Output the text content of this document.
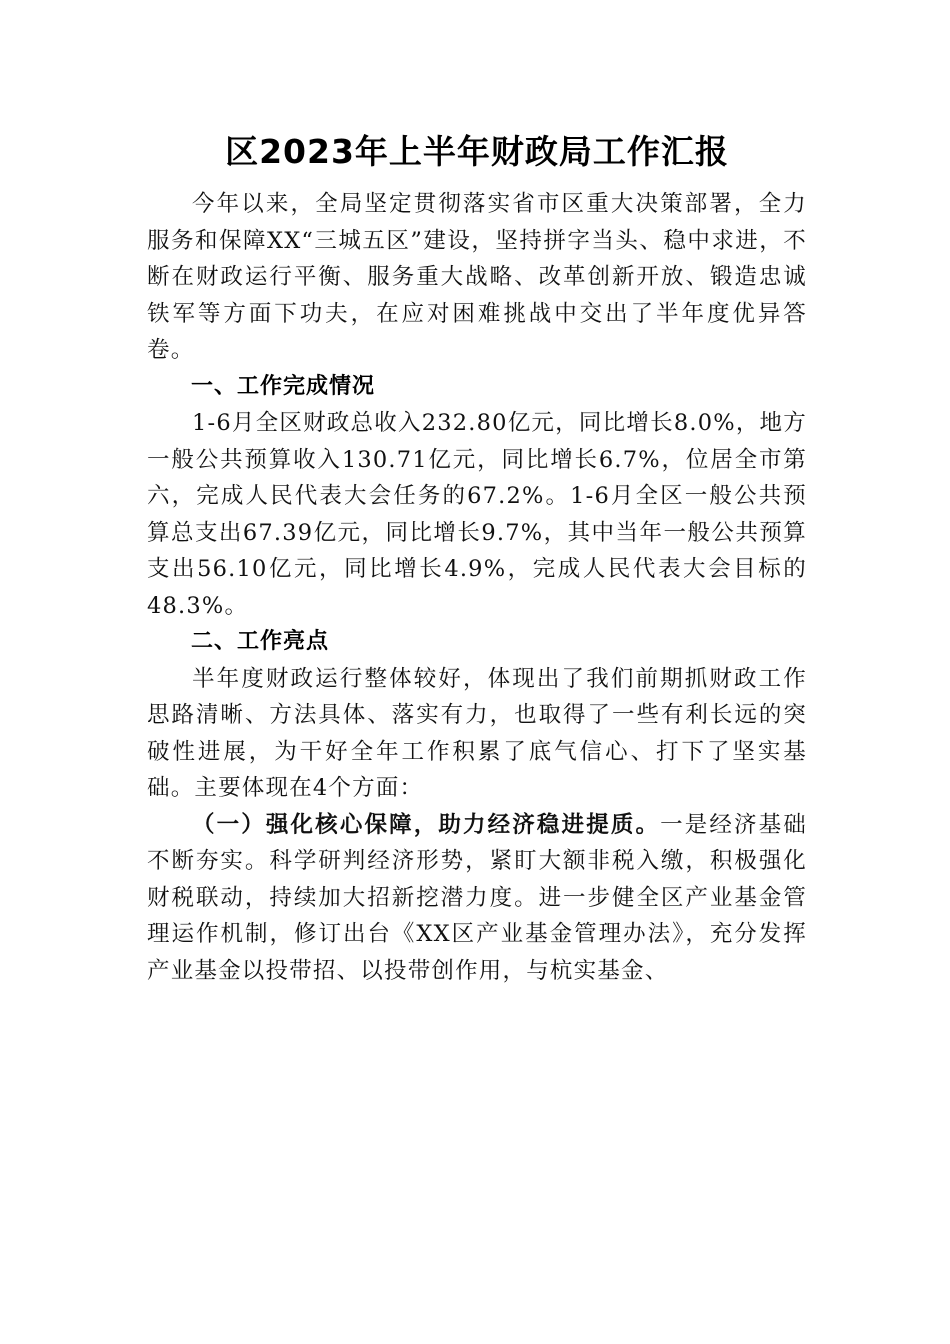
区2023年上半年财政局工作汇报

今年以来，全局坚定贯彻落实省市区重大决策部署，全力服务和保障XX“三城五区”建设，坚持拼字当头、稳中求进，不断在财政运行平衡、服务重大战略、改革创新开放、锻造忠诚铁军等方面下功夫，在应对困难挑战中交出了半年度优异答卷。

一、工作完成情况

1-6月全区财政总收入232.80亿元，同比增长8.0%，地方一般公共预算收入130.71亿元，同比增长6.7%，位居全市第六，完成人民代表大会任务的67.2%。1-6月全区一般公共预算总支出67.39亿元，同比增长9.7%，其中当年一般公共预算支出56.10亿元，同比增长4.9%，完成人民代表大会目标的48.3%。

二、工作亮点

半年度财政运行整体较好，体现出了我们前期抓财政工作思路清晰、方法具体、落实有力，也取得了一些有利长远的突破性进展，为干好全年工作积累了底气信心、打下了坚实基础。主要体现在4个方面：

（一）强化核心保障，助力经济稳进提质。一是经济基础不断夯实。科学研判经济形势，紧盯大额非税入缴，积极强化财税联动，持续加大招新挖潜力度。进一步健全区产业基金管理运作机制，修订出台《XX区产业基金管理办法》，充分发挥产业基金以投带招、以投带创作用，与杭实基金、
